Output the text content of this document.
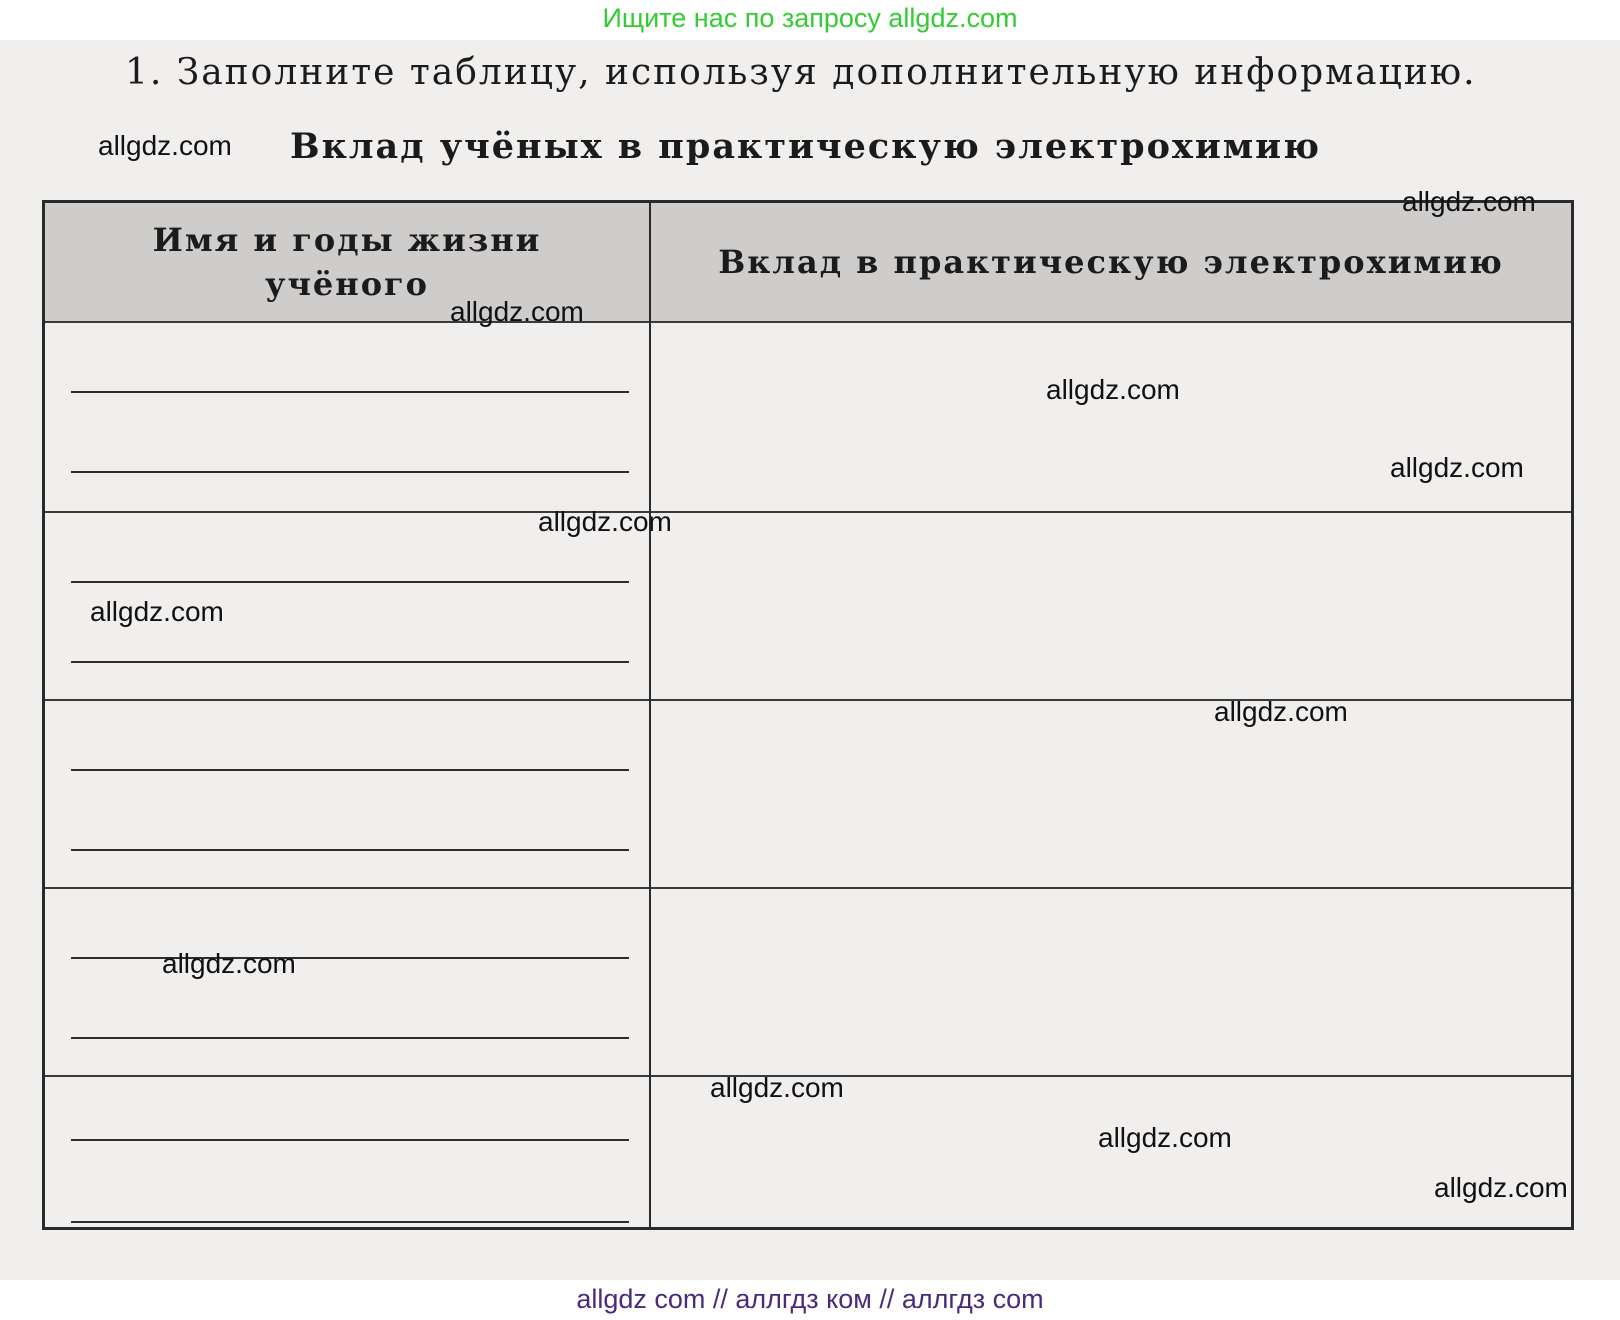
Ищите нас по запросу allgdz.com
1. Заполните таблицу, используя дополнительную информацию.
Вклад учёных в практическую электрохимию
Имя и годы жизни
учёного
Вклад в практическую электрохимию
allgdz.com
allgdz.com
allgdz.com
allgdz.com
allgdz.com
allgdz.com
allgdz.com
allgdz.com
allgdz.com
allgdz.com
allgdz.com
allgdz.com
allgdz com // аллгдз ком // аллгдз com
